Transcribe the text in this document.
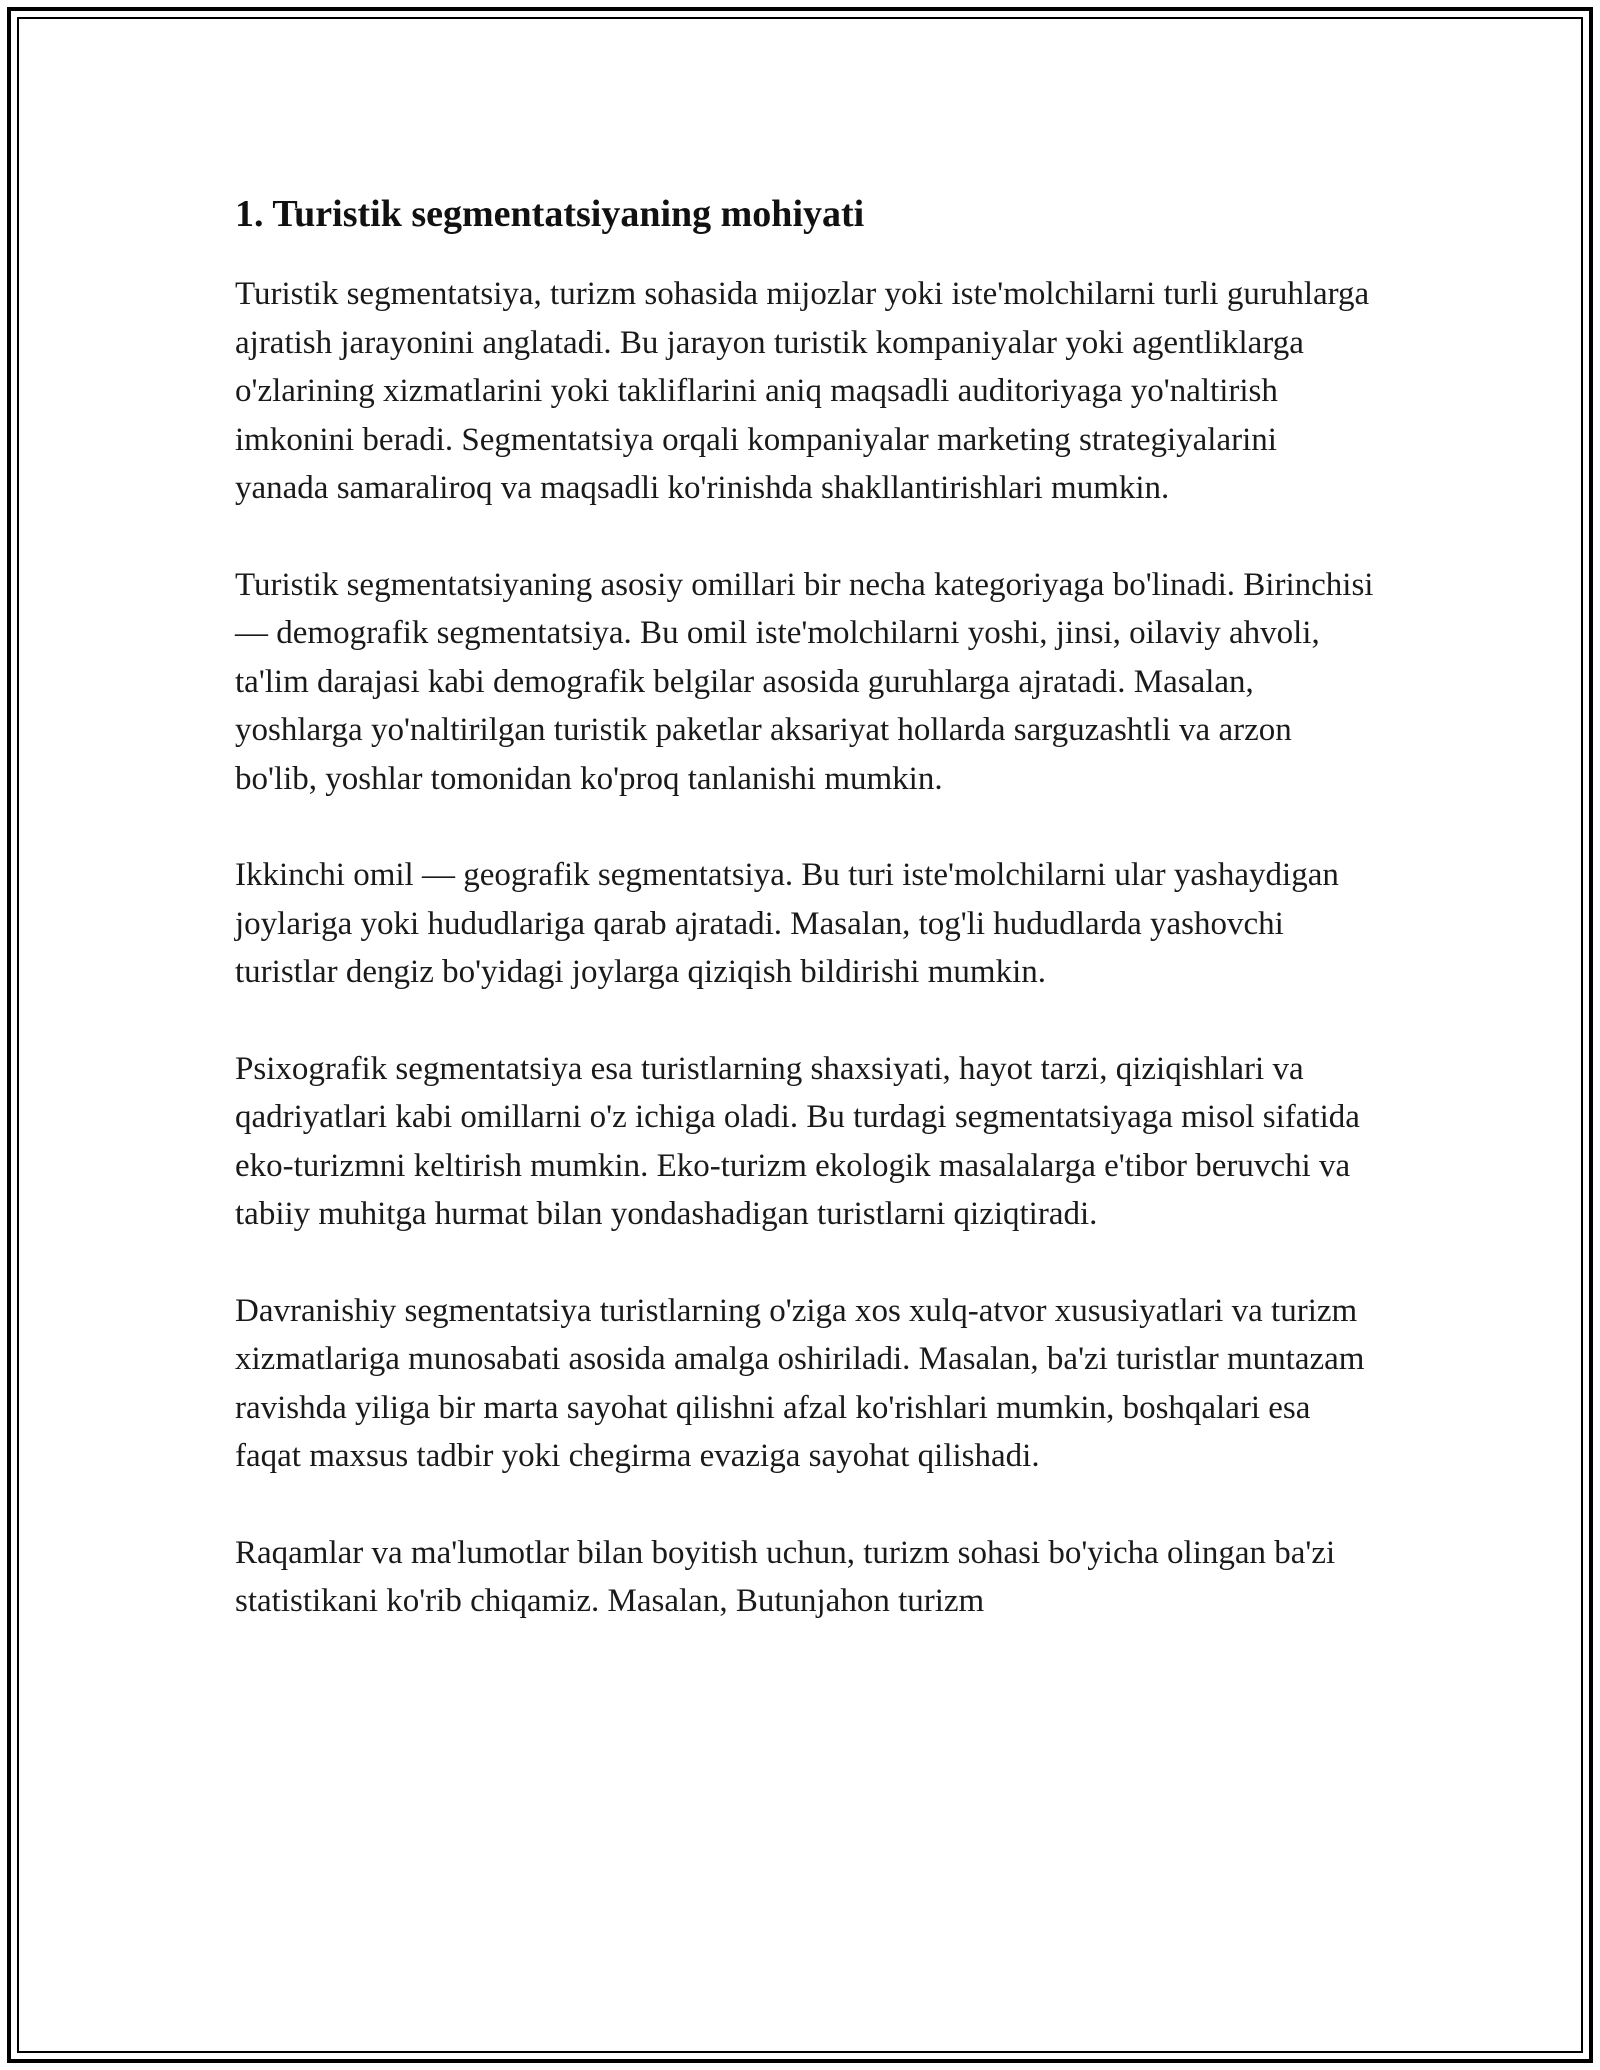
1. Turistik segmentatsiyaning mohiyati

Turistik segmentatsiya, turizm sohasida mijozlar yoki iste'molchilarni turli guruhlarga ajratish jarayonini anglatadi. Bu jarayon turistik kompaniyalar yoki agentliklarga o'zlarining xizmatlarini yoki takliflarini aniq maqsadli auditoriyaga yo'naltirish imkonini beradi. Segmentatsiya orqali kompaniyalar marketing strategiyalarini yanada samaraliroq va maqsadli ko'rinishda shakllantirishlari mumkin.

Turistik segmentatsiyaning asosiy omillari bir necha kategoriyaga bo'linadi. Birinchisi — demografik segmentatsiya. Bu omil iste'molchilarni yoshi, jinsi, oilaviy ahvoli, ta'lim darajasi kabi demografik belgilar asosida guruhlarga ajratadi. Masalan, yoshlarga yo'naltirilgan turistik paketlar aksariyat hollarda sarguzashtli va arzon bo'lib, yoshlar tomonidan ko'proq tanlanishi mumkin.

Ikkinchi omil — geografik segmentatsiya. Bu turi iste'molchilarni ular yashaydigan joylariga yoki hududlariga qarab ajratadi. Masalan, tog'li hududlarda yashovchi turistlar dengiz bo'yidagi joylarga qiziqish bildirishi mumkin.

Psixografik segmentatsiya esa turistlarning shaxsiyati, hayot tarzi, qiziqishlari va qadriyatlari kabi omillarni o'z ichiga oladi. Bu turdagi segmentatsiyaga misol sifatida eko-turizmni keltirish mumkin. Eko-turizm ekologik masalalarga e'tibor beruvchi va tabiiy muhitga hurmat bilan yondashadigan turistlarni qiziqtiradi.

Davranishiy segmentatsiya turistlarning o'ziga xos xulq-atvor xususiyatlari va turizm xizmatlariga munosabati asosida amalga oshiriladi. Masalan, ba'zi turistlar muntazam ravishda yiliga bir marta sayohat qilishni afzal ko'rishlari mumkin, boshqalari esa faqat maxsus tadbir yoki chegirma evaziga sayohat qilishadi.

Raqamlar va ma'lumotlar bilan boyitish uchun, turizm sohasi bo'yicha olingan ba'zi statistikani ko'rib chiqamiz. Masalan, Butunjahon turizm
